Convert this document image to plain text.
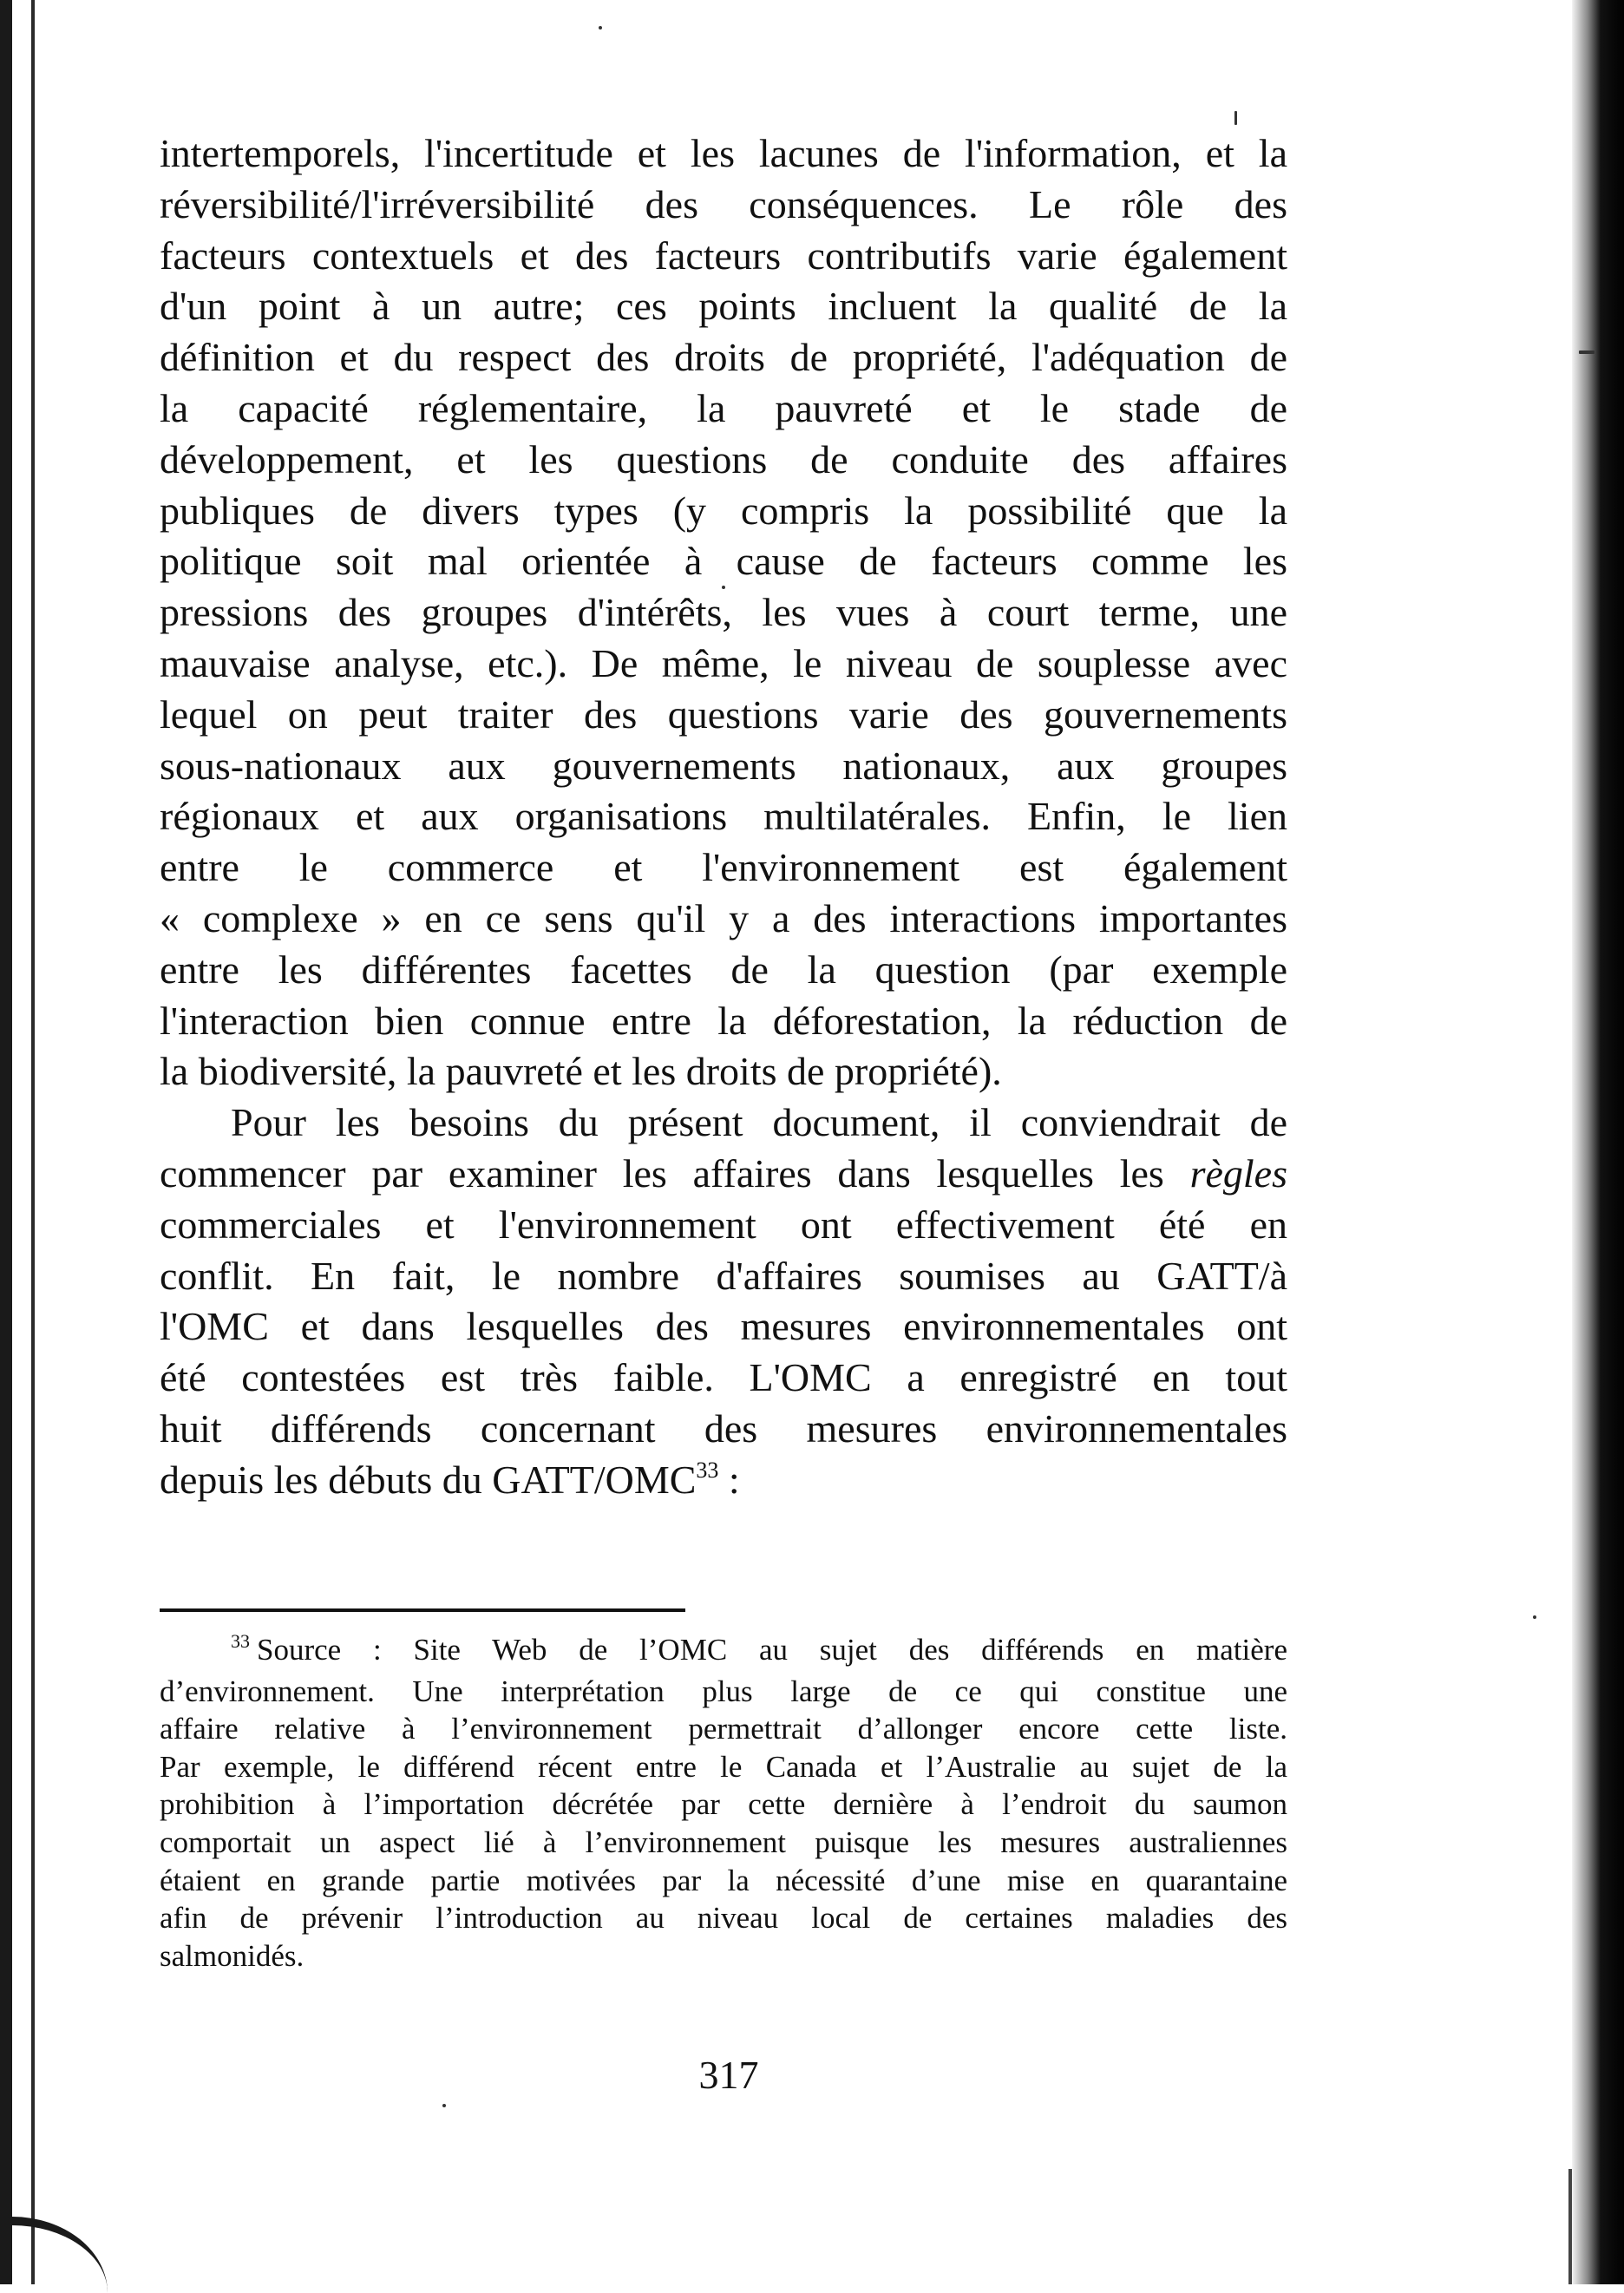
intertemporels, l'incertitude et les lacunes de l'information, et la
réversibilité/l'irréversibilité des conséquences. Le rôle des
facteurs contextuels et des facteurs contributifs varie également
d'un point à un autre; ces points incluent la qualité de la
définition et du respect des droits de propriété, l'adéquation de
la capacité réglementaire, la pauvreté et le stade de
développement, et les questions de conduite des affaires
publiques de divers types (y compris la possibilité que la
politique soit mal orientée à cause de facteurs comme les
pressions des groupes d'intérêts, les vues à court terme, une
mauvaise analyse, etc.). De même, le niveau de souplesse avec
lequel on peut traiter des questions varie des gouvernements
sous-nationaux aux gouvernements nationaux, aux groupes
régionaux et aux organisations multilatérales. Enfin, le lien
entre le commerce et l'environnement est également
« complexe » en ce sens qu'il y a des interactions importantes
entre les différentes facettes de la question (par exemple
l'interaction bien connue entre la déforestation, la réduction de
la biodiversité, la pauvreté et les droits de propriété).
Pour les besoins du présent document, il conviendrait de
commencer par examiner les affaires dans lesquelles les règles
commerciales et l'environnement ont effectivement été en
conflit. En fait, le nombre d'affaires soumises au GATT/à
l'OMC et dans lesquelles des mesures environnementales ont
été contestées est très faible. L'OMC a enregistré en tout
huit différends concernant des mesures environnementales
depuis les débuts du GATT/OMC$^{33}$ :
$^{33}$ Source : Site Web de l’OMC au sujet des différends en matière
d’environnement. Une interprétation plus large de ce qui constitue une
affaire relative à l’environnement permettrait d’allonger encore cette liste.
Par exemple, le différend récent entre le Canada et l’Australie au sujet de la
prohibition à l’importation décrétée par cette dernière à l’endroit du saumon
comportait un aspect lié à l’environnement puisque les mesures australiennes
étaient en grande partie motivées par la nécessité d’une mise en quarantaine
afin de prévenir l’introduction au niveau local de certaines maladies des
salmonidés.
317
